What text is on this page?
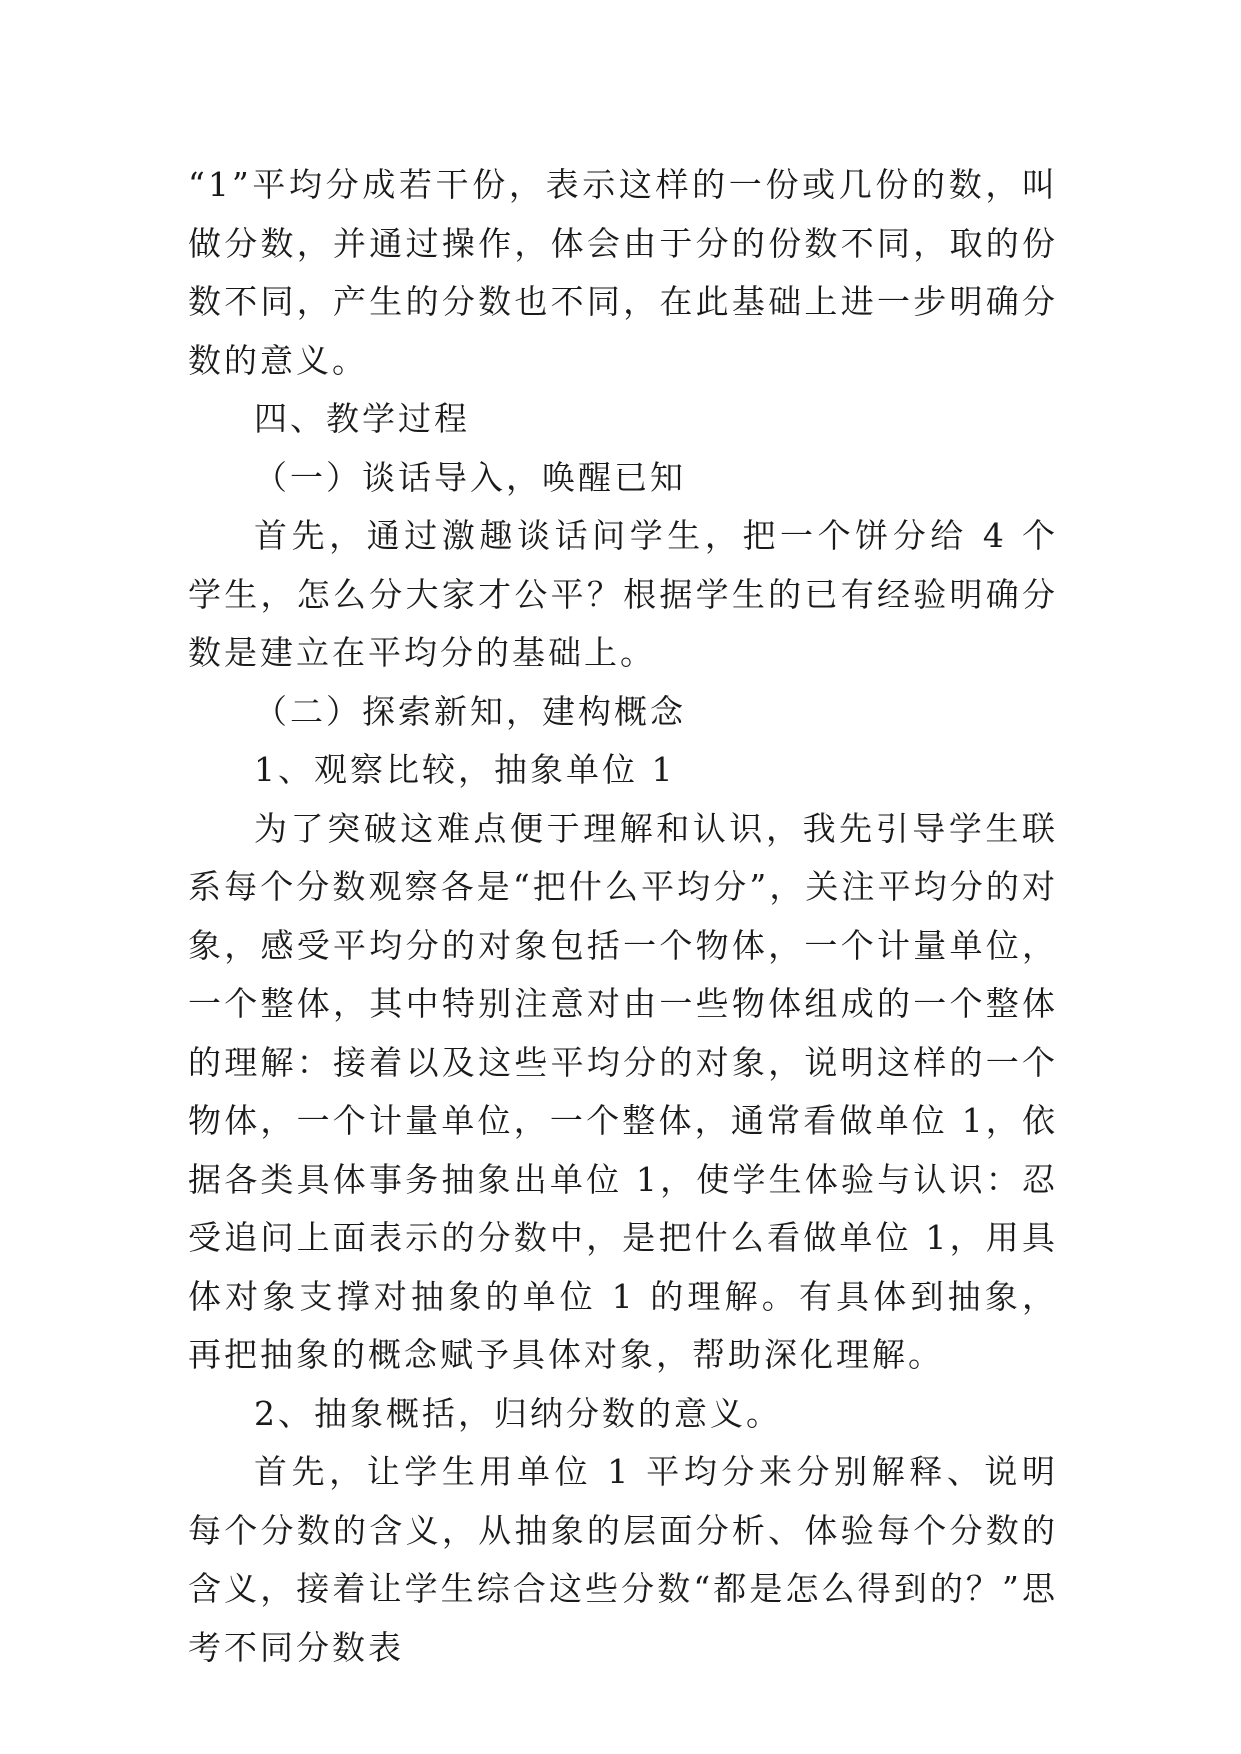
“1”平均分成若干份，表示这样的一份或几份的数，叫做分数，并通过操作，体会由于分的份数不同，取的份数不同，产生的分数也不同，在此基础上进一步明确分数的意义。

四、教学过程

（一）谈话导入，唤醒已知

首先，通过激趣谈话问学生，把一个饼分给 4 个学生，怎么分大家才公平？根据学生的已有经验明确分数是建立在平均分的基础上。

（二）探索新知，建构概念

1、观察比较，抽象单位 1

为了突破这难点便于理解和认识，我先引导学生联系每个分数观察各是“把什么平均分”，关注平均分的对象，感受平均分的对象包括一个物体，一个计量单位，一个整体，其中特别注意对由一些物体组成的一个整体的理解：接着以及这些平均分的对象，说明这样的一个物体，一个计量单位，一个整体，通常看做单位 1，依据各类具体事务抽象出单位 1，使学生体验与认识：忍受追问上面表示的分数中，是把什么看做单位 1，用具体对象支撑对抽象的单位 1 的理解。有具体到抽象，再把抽象的概念赋予具体对象，帮助深化理解。

2、抽象概括，归纳分数的意义。

首先，让学生用单位 1 平均分来分别解释、说明每个分数的含义，从抽象的层面分析、体验每个分数的含义，接着让学生综合这些分数“都是怎么得到的？”思考不同分数表
